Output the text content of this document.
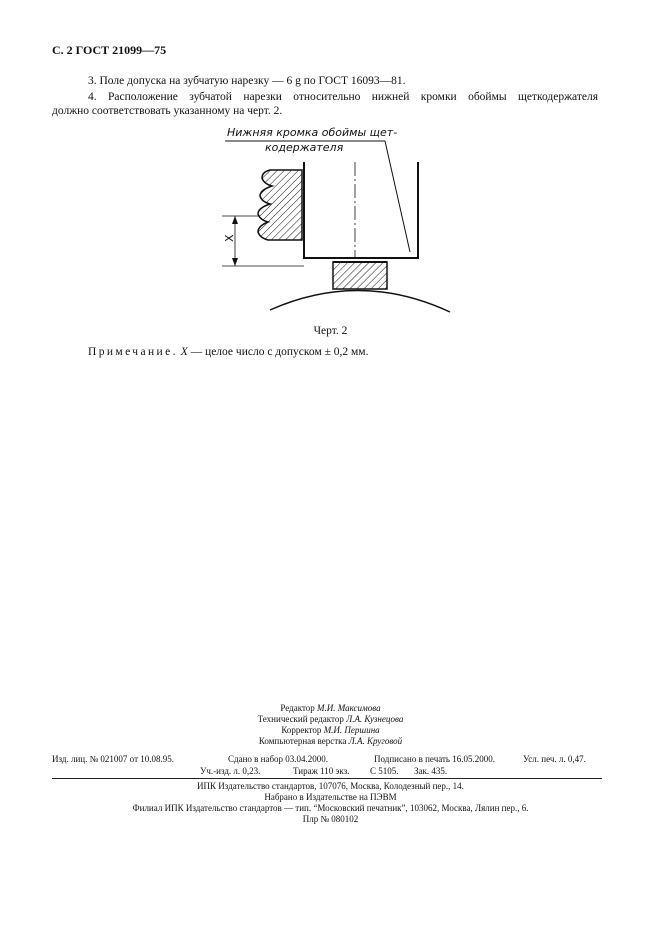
С. 2 ГОСТ 21099—75
3. Поле допуска на зубчатую нарезку — 6 g по ГОСТ 16093—81.
4. Расположение зубчатой нарезки относительно нижней кромки обоймы щеткодержателя
должно соответствовать указанному на черт. 2.
Нижняя кромка обоймы щет-
кодержателя
X
Черт. 2
Примечание. X — целое число с допуском ± 0,2 мм.
Редактор М.И. Максимова
Технический редактор Л.А. Кузнецова
Корректор М.И. Першина
Компьютерная верстка Л.А. Круговой
Изд. лиц. № 021007 от 10.08.95.	Сдано в набор 03.04.2000.	Подписано в печать 16.05.2000.	Усл. печ. л. 0,47.
Уч.-изд. л. 0,23.	Тираж 110 экз. С 5105. Зак. 435.
ИПК Издательство стандартов, 107076, Москва, Колодезный пер., 14.
Набрано в Издательстве на ПЭВМ
Филиал ИПК Издательство стандартов — тип. “Московский печатник”, 103062, Москва, Лялин пер., 6.
Плр № 080102
